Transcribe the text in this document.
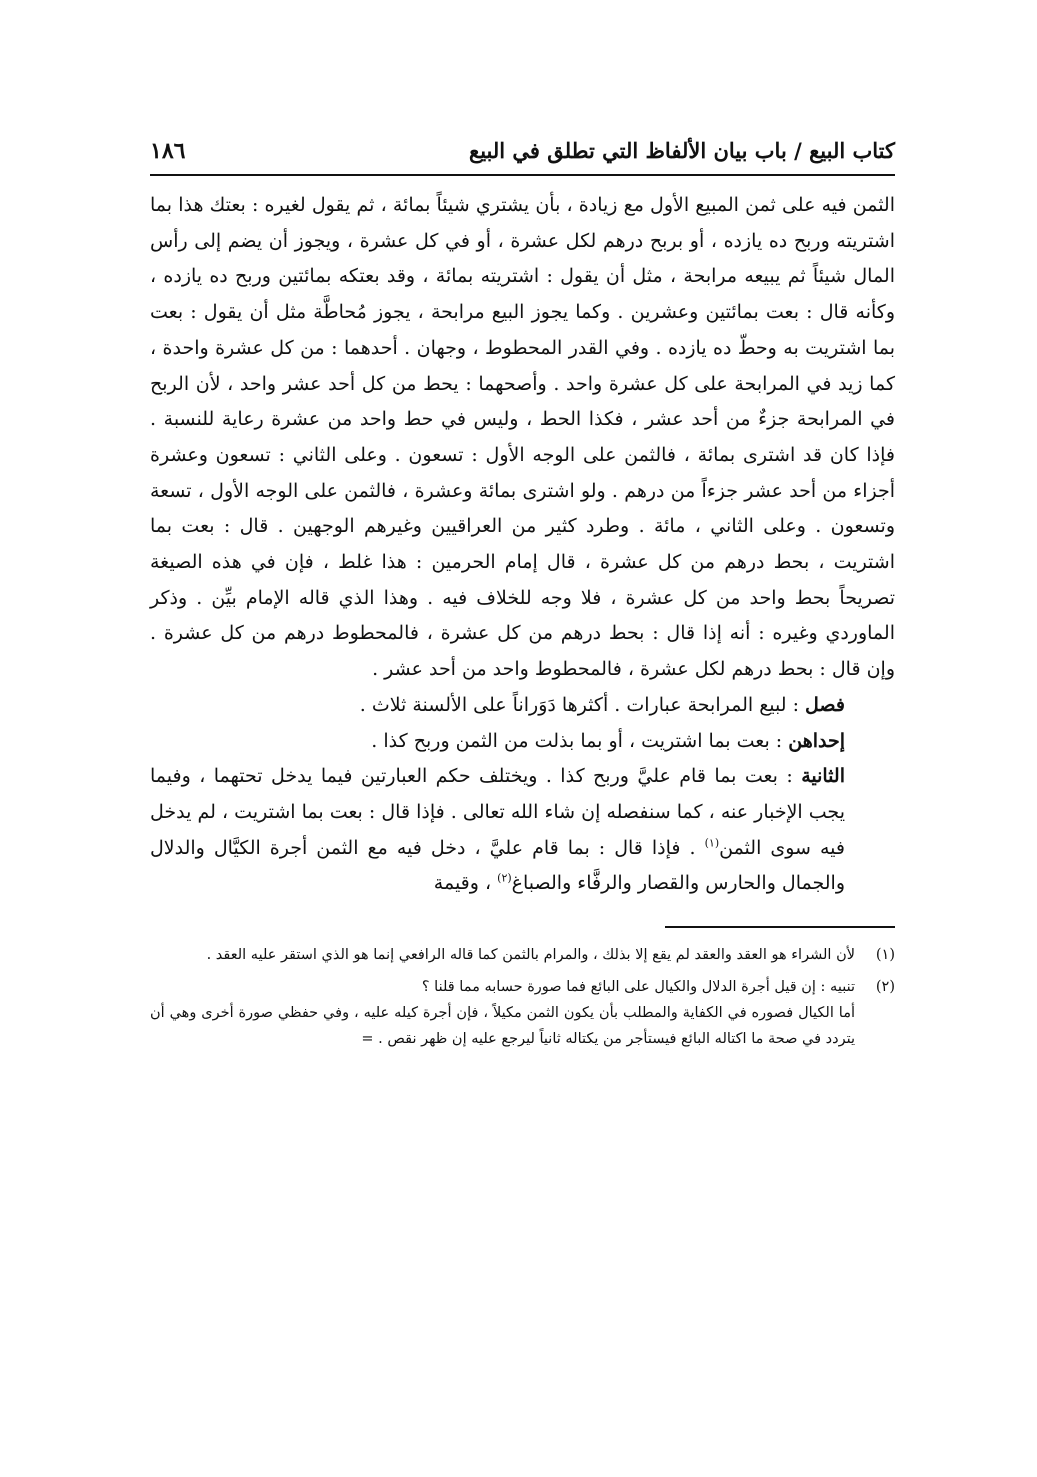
كتاب البيع / باب بيان الألفاظ التي تطلق في البيع
١٨٦

الثمن فيه على ثمن المبيع الأول مع زيادة ، بأن يشتري شيئاً بمائة ، ثم يقول لغيره : بعتك هذا بما اشتريته وربح ده يازده ، أو بربح درهم لكل عشرة ، أو في كل عشرة ، ويجوز أن يضم إلى رأس المال شيئاً ثم يبيعه مرابحة ، مثل أن يقول : اشتريته بمائة ، وقد بعتكه بمائتين وربح ده يازده ، وكأنه قال : بعت بمائتين وعشرين . وكما يجوز البيع مرابحة ، يجوز مُحاطَّة مثل أن يقول : بعت بما اشتريت به وحطّ ده يازده . وفي القدر المحطوط ، وجهان . أحدهما : من كل عشرة واحدة ، كما زيد في المرابحة على كل عشرة واحد . وأصحهما : يحط من كل أحد عشر واحد ، لأن الربح في المرابحة جزءٌ من أحد عشر ، فكذا الحط ، وليس في حط واحد من عشرة رعاية للنسبة . فإذا كان قد اشترى بمائة ، فالثمن على الوجه الأول : تسعون . وعلى الثاني : تسعون وعشرة أجزاء من أحد عشر جزءاً من درهم . ولو اشترى بمائة وعشرة ، فالثمن على الوجه الأول ، تسعة وتسعون . وعلى الثاني ، مائة . وطرد كثير من العراقيين وغيرهم الوجهين . قال : بعت بما اشتريت ، بحط درهم من كل عشرة ، قال إمام الحرمين : هذا غلط ، فإن في هذه الصيغة تصريحاً بحط واحد من كل عشرة ، فلا وجه للخلاف فيه . وهذا الذي قاله الإمام بيِّن . وذكر الماوردي وغيره : أنه إذا قال : بحط درهم من كل عشرة ، فالمحطوط درهم من كل عشرة . وإن قال : بحط درهم لكل عشرة ، فالمحطوط واحد من أحد عشر .

فصل : لبيع المرابحة عبارات . أكثرها دَوَراناً على الألسنة ثلاث .

إحداهن : بعت بما اشتريت ، أو بما بذلت من الثمن وربح كذا .

الثانية : بعت بما قام عليَّ وربح كذا . ويختلف حكم العبارتين فيما يدخل تحتهما ، وفيما يجب الإخبار عنه ، كما سنفصله إن شاء الله تعالى . فإذا قال : بعت بما اشتريت ، لم يدخل فيه سوى الثمن$^{(١)}$ . فإذا قال : بما قام عليَّ ، دخل فيه مع الثمن أجرة الكيَّال والدلال والجمال والحارس والقصار والرفَّاء والصباغ$^{(٢)}$ ، وقيمة

(١)
لأن الشراء هو العقد والعقد لم يقع إلا بذلك ، والمرام بالثمن كما قاله الرافعي إنما هو الذي استقر عليه العقد .
(٢)
تنبيه : إن قيل أجرة الدلال والكيال على البائع فما صورة حسابه مما قلنا ؟
أما الكيال فصوره في الكفاية والمطلب بأن يكون الثمن مكيلاً ، فإن أجرة كيله عليه ، وفي حفظي صورة أخرى وهي أن يتردد في صحة ما اكتاله البائع فيستأجر من يكتاله ثانياً ليرجع عليه إن ظهر نقص . =
